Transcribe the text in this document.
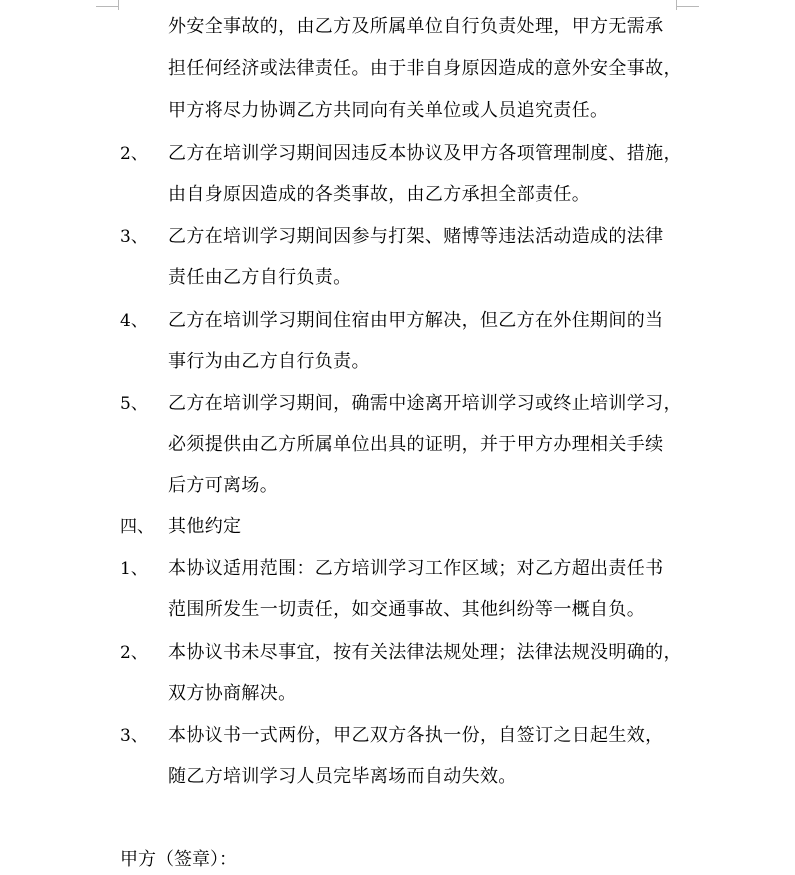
外安全事故的，由乙方及所属单位自行负责处理，甲方无需承
担任何经济或法律责任。由于非自身原因造成的意外安全事故，
甲方将尽力协调乙方共同向有关单位或人员追究责任。
2、 乙方在培训学习期间因违反本协议及甲方各项管理制度、措施，
由自身原因造成的各类事故，由乙方承担全部责任。
3、 乙方在培训学习期间因参与打架、赌博等违法活动造成的法律
责任由乙方自行负责。
4、 乙方在培训学习期间住宿由甲方解决，但乙方在外住期间的当
事行为由乙方自行负责。
5、 乙方在培训学习期间，确需中途离开培训学习或终止培训学习，
必须提供由乙方所属单位出具的证明，并于甲方办理相关手续
后方可离场。
四、 其他约定
1、 本协议适用范围：乙方培训学习工作区域；对乙方超出责任书
范围所发生一切责任，如交通事故、其他纠纷等一概自负。
2、 本协议书未尽事宜，按有关法律法规处理；法律法规没明确的，
双方协商解决。
3、 本协议书一式两份，甲乙双方各执一份，自签订之日起生效，
随乙方培训学习人员完毕离场而自动失效。
甲方（签章）：
